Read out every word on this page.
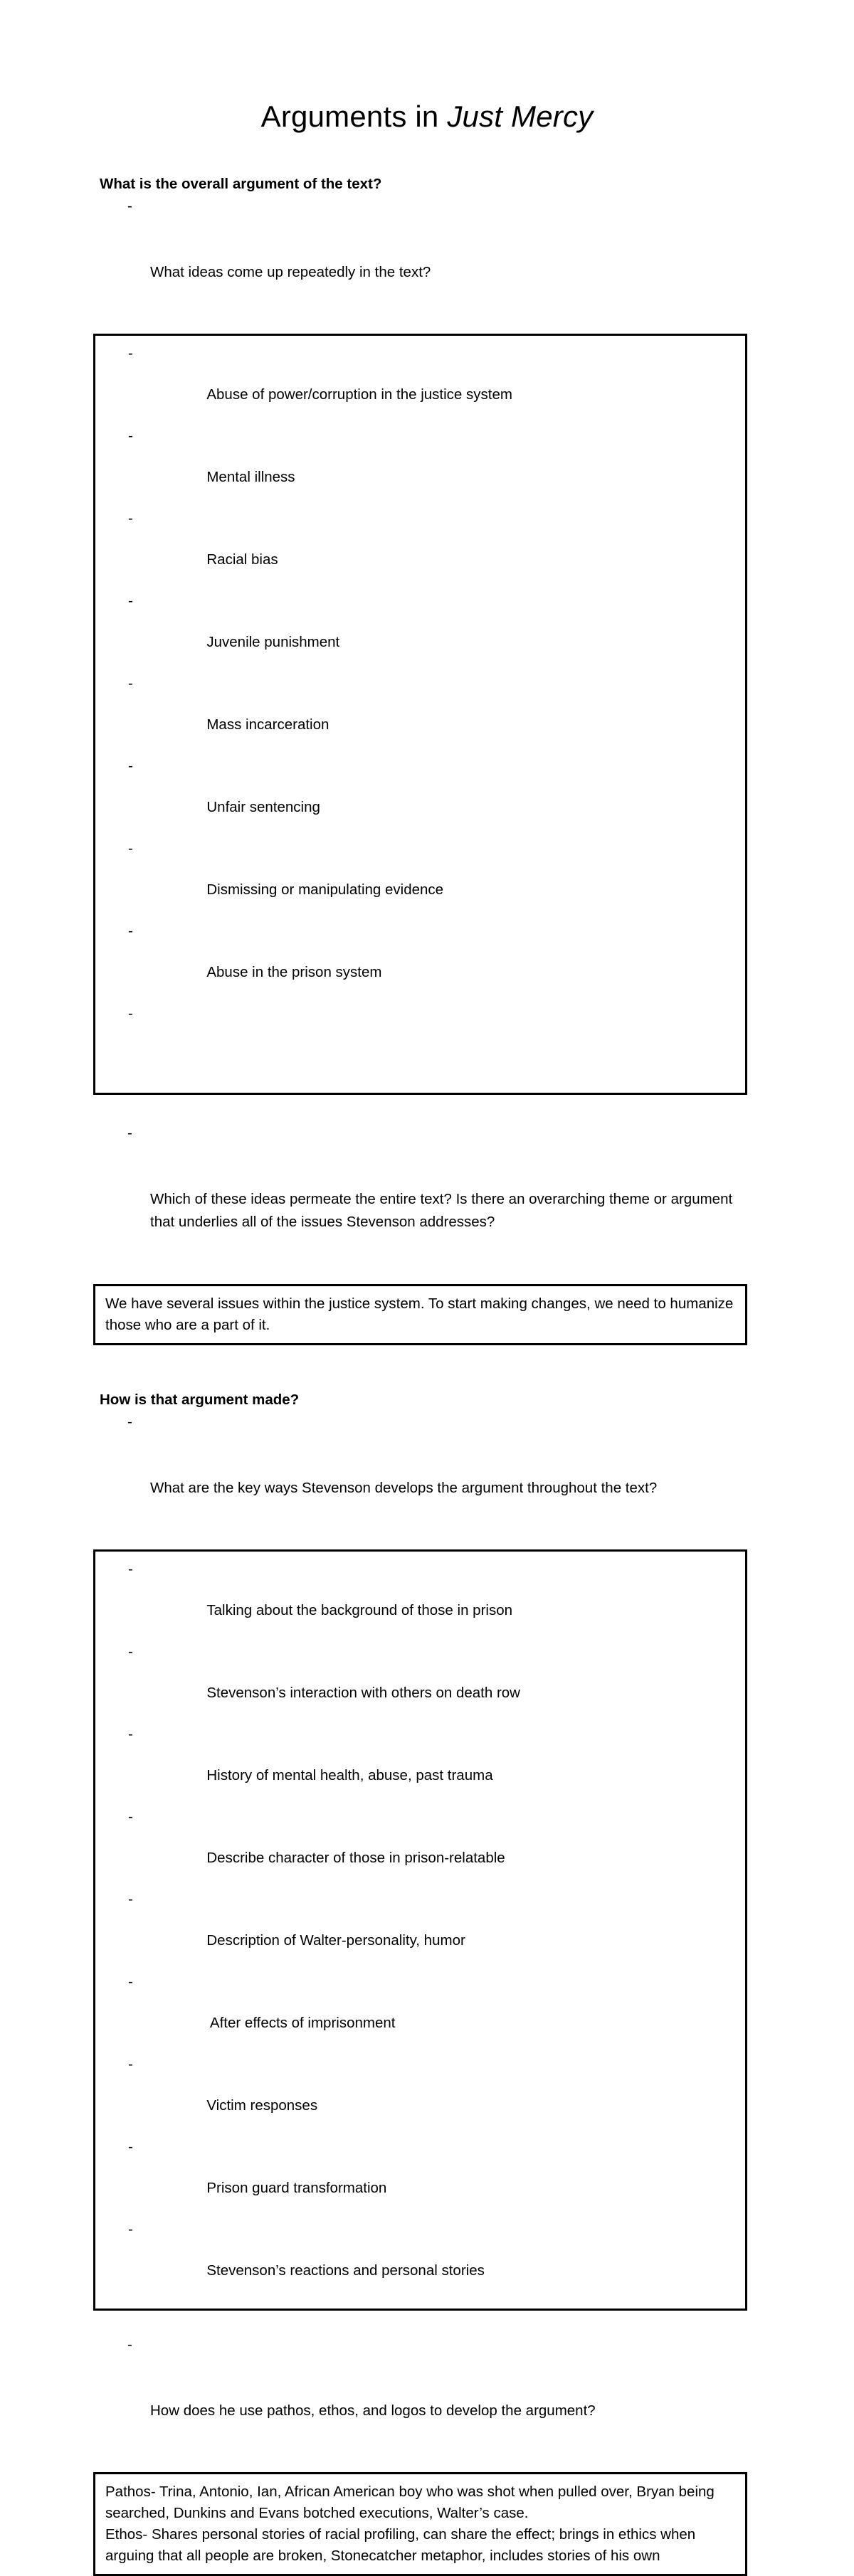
Arguments in Just Mercy
What is the overall argument of the text?

-

What ideas come up repeatedly in the text?

-

Abuse of power/corruption in the justice system

-

Mental illness

-

Racial bias

-

Juvenile punishment

-

Mass incarceration

-

Unfair sentencing

-

Dismissing or manipulating evidence

-

Abuse in the prison system

-

-

Which of these ideas permeate the entire text? Is there an overarching theme or argument that underlies all of the issues Stevenson addresses?

We have several issues within the justice system. To start making changes, we need to humanize those who are a part of it.

How is that argument made?

-

What are the key ways Stevenson develops the argument throughout the text?

-

Talking about the background of those in prison

-

Stevenson’s interaction with others on death row

-

History of mental health, abuse, past trauma

-

Describe character of those in prison-relatable

-

Description of Walter-personality, humor

-

After effects of imprisonment

-

Victim responses

-

Prison guard transformation

-

Stevenson’s reactions and personal stories

-

How does he use pathos, ethos, and logos to develop the argument?

Pathos- Trina, Antonio, Ian, African American boy who was shot when pulled over, Bryan being searched, Dunkins and Evans botched executions, Walter’s case.
Ethos- Shares personal stories of racial profiling, can share the effect; brings in ethics when arguing that all people are broken, Stonecatcher metaphor, includes stories of his own
